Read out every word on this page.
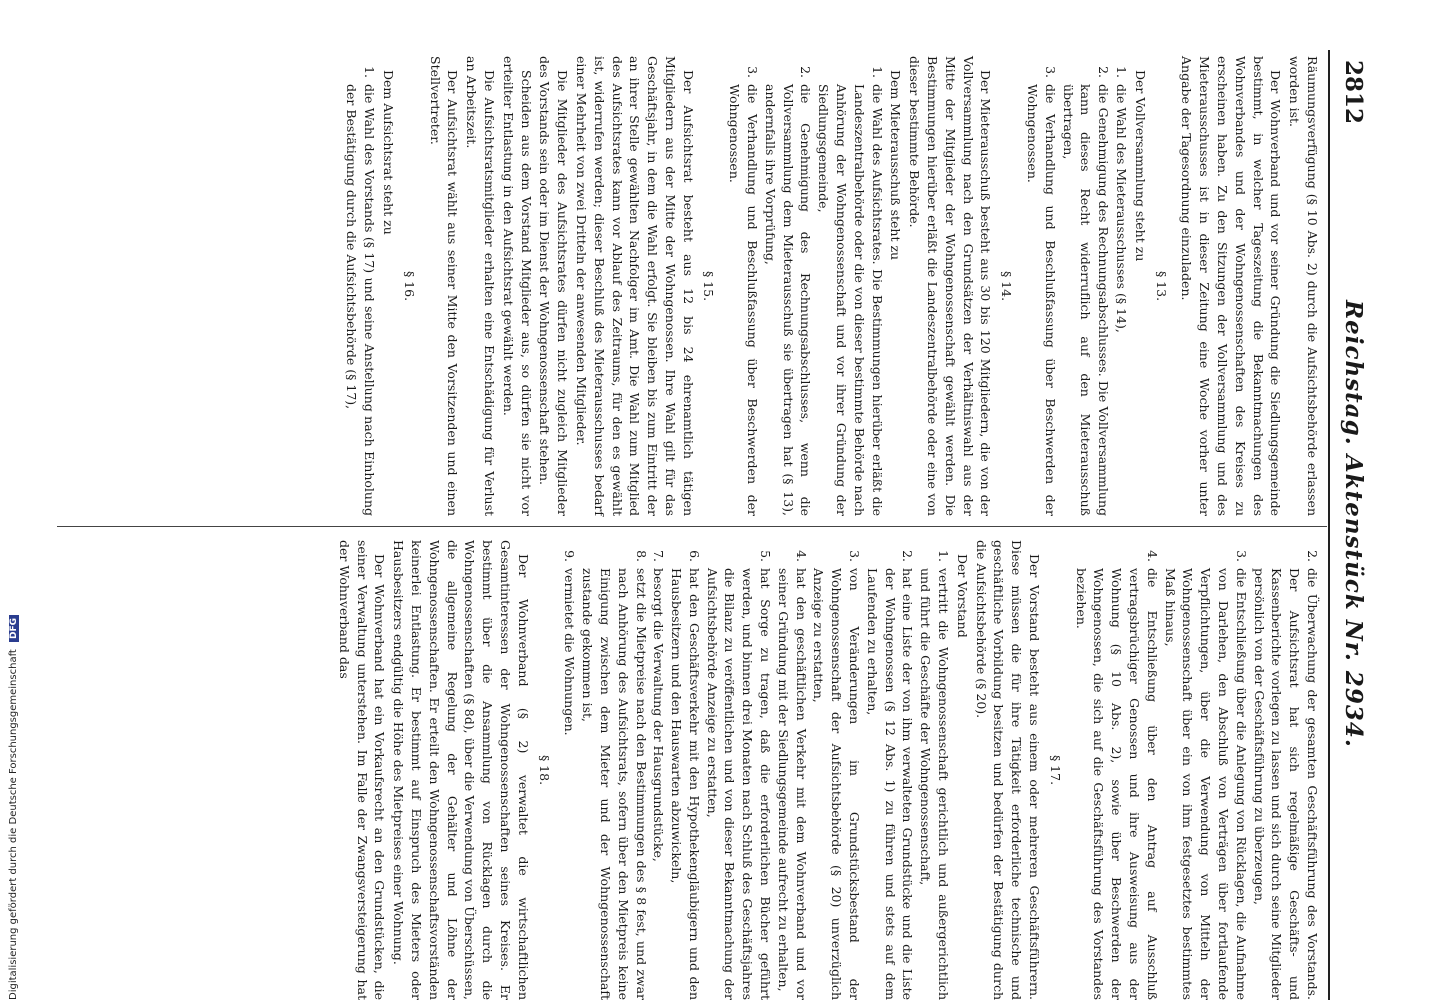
2812
Reichstag. Aktenstück Nr. 2934.

Räumungsverfügung (§ 10 Abs. 2) durch die Aufsichtsbehörde erlassen worden ist.

Der Wohnverband und vor seiner Gründung die Siedlungsgemeinde bestimmt, in welcher Tageszeitung die Bekanntmachungen des Wohnverbandes und der Wohngenossenschaften des Kreises zu erscheinen haben. Zu den Sitzungen der Vollversammlung und des Mieterausschusses ist in dieser Zeitung eine Woche vorher unter Angabe der Tagesordnung einzuladen.

§ 13.

Der Vollversammlung steht zu

1.
die Wahl des Mieterausschusses (§ 14),
2.
die Genehmigung des Rechnungsabschlusses. Die Vollversammlung kann dieses Recht widerruflich auf den Mieterausschuß übertragen,
3.
die Verhandlung und Beschlußfassung über Beschwerden der Wohngenossen.
§ 14.

Der Mieterausschuß besteht aus 30 bis 120 Mitgliedern, die von der Vollversammlung nach den Grundsätzen der Verhältniswahl aus der Mitte der Mitglieder der Wohngenossenschaft gewählt werden. Die Bestimmungen hierüber erläßt die Landeszentralbehörde oder eine von dieser bestimmte Behörde.

Dem Mieterausschuß steht zu

1.
die Wahl des Aufsichtsrates. Die Bestimmungen hierüber erläßt die Landeszentralbehörde oder die von dieser bestimmte Behörde nach Anhörung der Wohngenossenschaft und vor ihrer Gründung der Siedlungsgemeinde,
2.
die Genehmigung des Rechnungsabschlusses, wenn die Vollversammlung dem Mieterausschuß sie übertragen hat (§ 13), andernfalls ihre Vorprüfung,
3.
die Verhandlung und Beschlußfassung über Beschwerden der Wohngenossen.
§ 15.

Der Aufsichtsrat besteht aus 12 bis 24 ehrenamtlich tätigen Mitgliedern aus der Mitte der Wohngenossen. Ihre Wahl gilt für das Geschäftsjahr, in dem die Wahl erfolgt. Sie bleiben bis zum Eintritt der an ihrer Stelle gewählten Nachfolger im Amt. Die Wahl zum Mitglied des Aufsichtsrates kann vor Ablauf des Zeitraums, für den es gewählt ist, widerrufen werden; dieser Beschluß des Mieterausschusses bedarf einer Mehrheit von zwei Dritteln der anwesenden Mitglieder.

Die Mitglieder des Aufsichtsrates dürfen nicht zugleich Mitglieder des Vorstands sein oder im Dienst der Wohngenossenschaft stehen.

Scheiden aus dem Vorstand Mitglieder aus, so dürfen sie nicht vor erteilter Entlastung in den Aufsichtsrat gewählt werden.

Die Aufsichtsratsmitglieder erhalten eine Entschädigung für Verlust an Arbeitszeit.

Der Aufsichtsrat wählt aus seiner Mitte den Vorsitzenden und einen Stellvertreter.

§ 16.

Dem Aufsichtsrat steht zu

1.
die Wahl des Vorstands (§ 17) und seine Anstellung nach Einholung der Bestätigung durch die Aufsichtsbehörde (§ 17),
2.
die Überwachung der gesamten Geschäftsführung des Vorstands. Der Aufsichtsrat hat sich regelmäßige Geschäfts- und Kassenberichte vorlegen zu lassen und sich durch seine Mitglieder persönlich von der Geschäftsführung zu überzeugen,
3.
die Entschließung über die Anlegung von Rücklagen, die Aufnahme von Darlehen, den Abschluß von Verträgen über fortlaufende Verpflichtungen, über die Verwendung von Mitteln der Wohngenossenschaft über ein von ihm festgesetztes bestimmtes Maß hinaus,
4.
die Entschließung über den Antrag auf Ausschluß vertragsbrüchiger Genossen und ihre Ausweisung aus der Wohnung (§ 10 Abs. 2), sowie über Beschwerden der Wohngenossen, die sich auf die Geschäftsführung des Vorstandes beziehen.
§ 17.

Der Vorstand besteht aus einem oder mehreren Geschäftsführern. Diese müssen die für ihre Tätigkeit erforderliche technische und geschäftliche Vorbildung besitzen und bedürfen der Bestätigung durch die Aufsichtsbehörde (§ 20).

Der Vorstand

1.
vertritt die Wohngenossenschaft gerichtlich und außergerichtlich und führt die Geschäfte der Wohngenossenschaft,
2.
hat eine Liste der von ihm verwalteten Grundstücke und die Liste der Wohngenossen (§ 12 Abs. 1) zu führen und stets auf dem Laufenden zu erhalten,
3.
von Veränderungen im Grundstücksbestand der Wohngenossenschaft der Aufsichtsbehörde (§ 20) unverzüglich Anzeige zu erstatten,
4.
hat den geschäftlichen Verkehr mit dem Wohnverband und vor seiner Gründung mit der Siedlungsgemeinde aufrecht zu erhalten,
5.
hat Sorge zu tragen, daß die erforderlichen Bücher geführt werden, und binnen drei Monaten nach Schluß des Geschäftsjahres die Bilanz zu veröffentlichen und von dieser Bekanntmachung der Aufsichtsbehörde Anzeige zu erstatten,
6.
hat den Geschäftsverkehr mit den Hypothekengläubigern und den Hausbesitzern und den Hauswarten abzuwickeln,
7.
besorgt die Verwaltung der Hausgrundstücke,
8.
setzt die Mietpreise nach den Bestimmungen des § 8 fest, und zwar nach Anhörung des Aufsichtsrats, sofern über den Mietpreis keine Einigung zwischen dem Mieter und der Wohngenossenschaft zustande gekommen ist,
9.
vermietet die Wohnungen.
§ 18.

Der Wohnverband (§ 2) verwaltet die wirtschaftlichen Gesamtinteressen der Wohngenossenschaften seines Kreises. Er bestimmt über die Ansammlung von Rücklagen durch die Wohngenossenschaften (§ 8d), über die Verwendung von Überschüssen, die allgemeine Regelung der Gehälter und Löhne der Wohngenossenschaften. Er erteilt den Wohngenossenschaftsvorständen keinerlei Entlastung. Er bestimmt auf Einspruch des Mieters oder Hausbesitzers endgültig die Höhe des Mietpreises einer Wohnung.

Der Wohnverband hat ein Vorkaufsrecht an den Grundstücken, die seiner Verwaltung unterstehen. Im Falle der Zwangsversteigerung hat der Wohnverband das

Digitalisierung gefördert durch die Deutsche Forschungsgemeinschaft DFG
